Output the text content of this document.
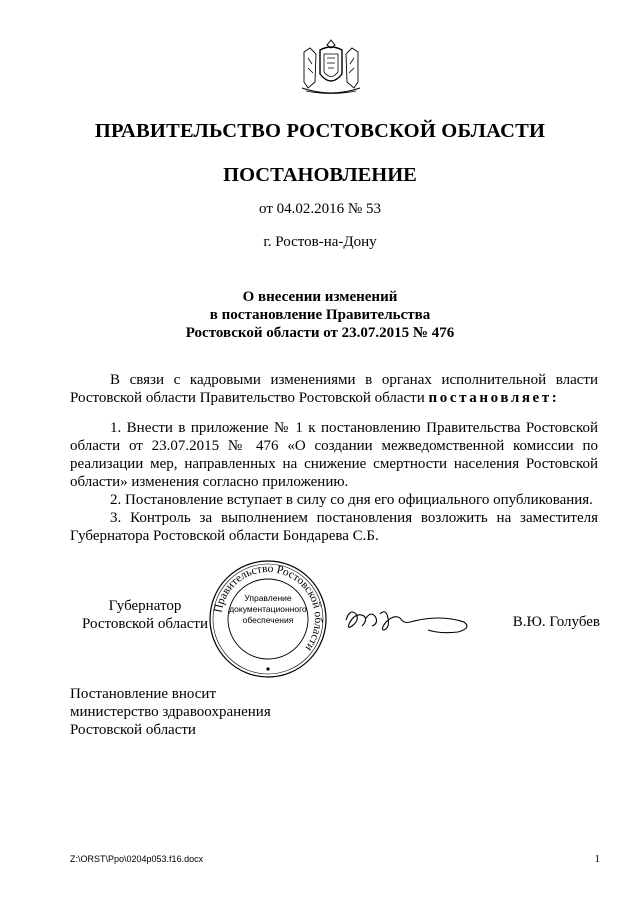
ПРАВИТЕЛЬСТВО РОСТОВСКОЙ ОБЛАСТИ
ПОСТАНОВЛЕНИЕ
от 04.02.2016 № 53
г. Ростов-на-Дону
О внесении изменений
в постановление Правительства
Ростовской области от 23.07.2015 № 476

В связи с кадровыми изменениями в органах исполнительной власти Ростовской области Правительство Ростовской области постановляет:

1. Внести в приложение № 1 к постановлению Правительства Ростовской области от 23.07.2015 № 476 «О создании межведомственной комиссии по реализации мер, направленных на снижение смертности населения Ростовской области» изменения согласно приложению.

2. Постановление вступает в силу со дня его официального опубликования.

3. Контроль за выполнением постановления возложить на заместителя Губернатора Ростовской области Бондарева С.Б.

Губернатор
Ростовской области
Правительство Ростовской области
Управление
документационного
обеспечения	В.Ю. Голубев
Постановление вносит
министерство здравоохранения
Ростовской области
Z:\ORST\Ppo\0204p053.f16.docx	1
